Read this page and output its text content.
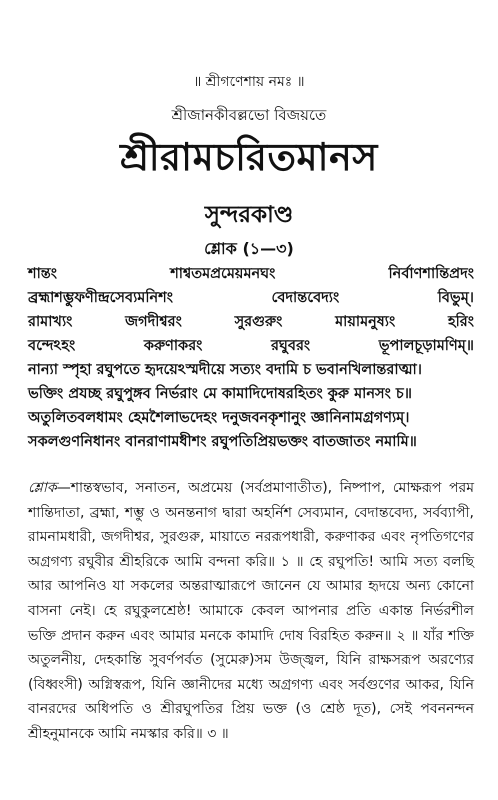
॥ শ্রীগণেশায় নমঃ ॥
শ্রীজানকীবল্লভো বিজয়তে
শ্রীরামচরিতমানস
সুন্দরকাণ্ড
শ্লোক (১—৩)
শান্তং	শাশ্বতমপ্রমেয়মনঘং	নির্বাণশান্তিপ্রদং
ব্রহ্মাশম্ভুফণীন্দ্রসেব্যমনিশং	বেদান্তবেদ্যং	বিভুম্।
রামাখ্যং	জগদীশ্বরং	সুরগুরুং	মায়ামনুষ্যং	হরিং
বন্দেঽহং	করুণাকরং	রঘুবরং	ভূপালচূড়ামণিম্॥
নান্যা স্পৃহা রঘুপতে হৃদয়েঽস্মদীয়ে সত্যং বদামি চ ভবানখিলান্তরাত্মা।
ভক্তিং প্রযচ্ছ রঘুপুঙ্গব নির্ভরাং মে কামাদিদোষরহিতং কুরু মানসং চ॥
অতুলিতবলধামং হেমশৈলাভদেহং দনুজবনকৃশানুং জ্ঞানিনামগ্রগণ্যম্।
সকলগুণনিধানং বানরাণামধীশং রঘুপতিপ্রিয়ভক্তং বাতজাতং নমামি॥
শ্লোক—শান্তস্বভাব, সনাতন, অপ্রমেয় (সর্বপ্রমাণাতীত), নিষ্পাপ, মোক্ষরূপ পরম শান্তিদাতা, ব্রহ্মা, শম্ভু ও অনন্তনাগ দ্বারা অহর্নিশ সেব্যমান, বেদান্তবেদ্য, সর্বব্যাপী, রামনামধারী, জগদীশ্বর, সুরগুরু, মায়াতে নররূপধারী, করুণাকর এবং নৃপতিগণের অগ্রগণ্য রঘুবীর শ্রীহরিকে আমি বন্দনা করি॥ ১ ॥ হে রঘুপতি! আমি সত্য বলছি আর আপনিও যা সকলের অন্তরাত্মারূপে জানেন যে আমার হৃদয়ে অন্য কোনো বাসনা নেই। হে রঘুকুলশ্রেষ্ঠ! আমাকে কেবল আপনার প্রতি একান্ত নির্ভরশীল ভক্তি প্রদান করুন এবং আমার মনকে কামাদি দোষ বিরহিত করুন॥ ২ ॥ যাঁর শক্তি অতুলনীয়, দেহকান্তি সুবর্ণপর্বত (সুমেরু)সম উজ্জ্বল, যিনি রাক্ষসরূপ অরণ্যের (বিধ্বংসী) অগ্নিস্বরূপ, যিনি জ্ঞানীদের মধ্যে অগ্রগণ্য এবং সর্বগুণের আকর, যিনি বানরদের অধিপতি ও শ্রীরঘুপতির প্রিয় ভক্ত (ও শ্রেষ্ঠ দূত), সেই পবননন্দন শ্রীহনুমানকে আমি নমস্কার করি॥ ৩ ॥
